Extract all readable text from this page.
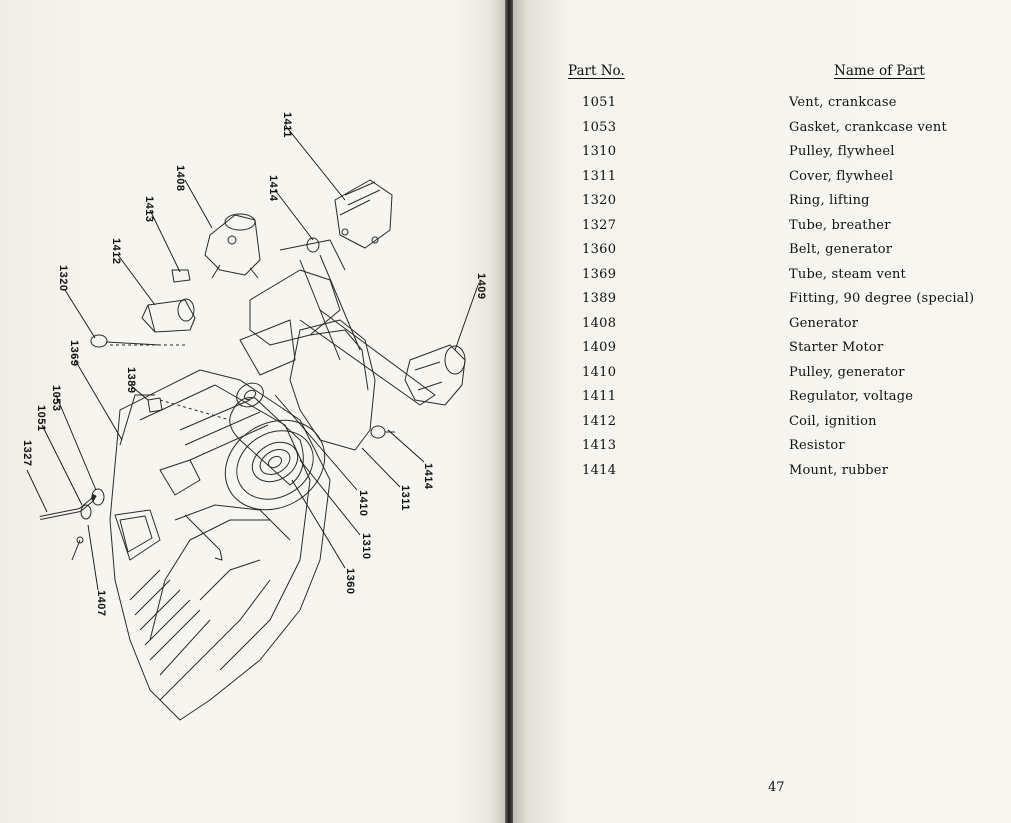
1411
1408	1414
1413
1412
1409
1320
1369
1389
1053
1051
1327
1407
1360
1310
1410	1311
1414
Part No.	Name of Part
1051	Vent, crankcase
1053	Gasket, crankcase vent
1310	Pulley, flywheel
1311	Cover, flywheel
1320	Ring, lifting
1327	Tube, breather
1360	Belt, generator
1369	Tube, steam vent
1389	Fitting, 90 degree (special)
1408	Generator
1409	Starter Motor
1410	Pulley, generator
1411	Regulator, voltage
1412	Coil, ignition
1413	Resistor
1414	Mount, rubber
47
